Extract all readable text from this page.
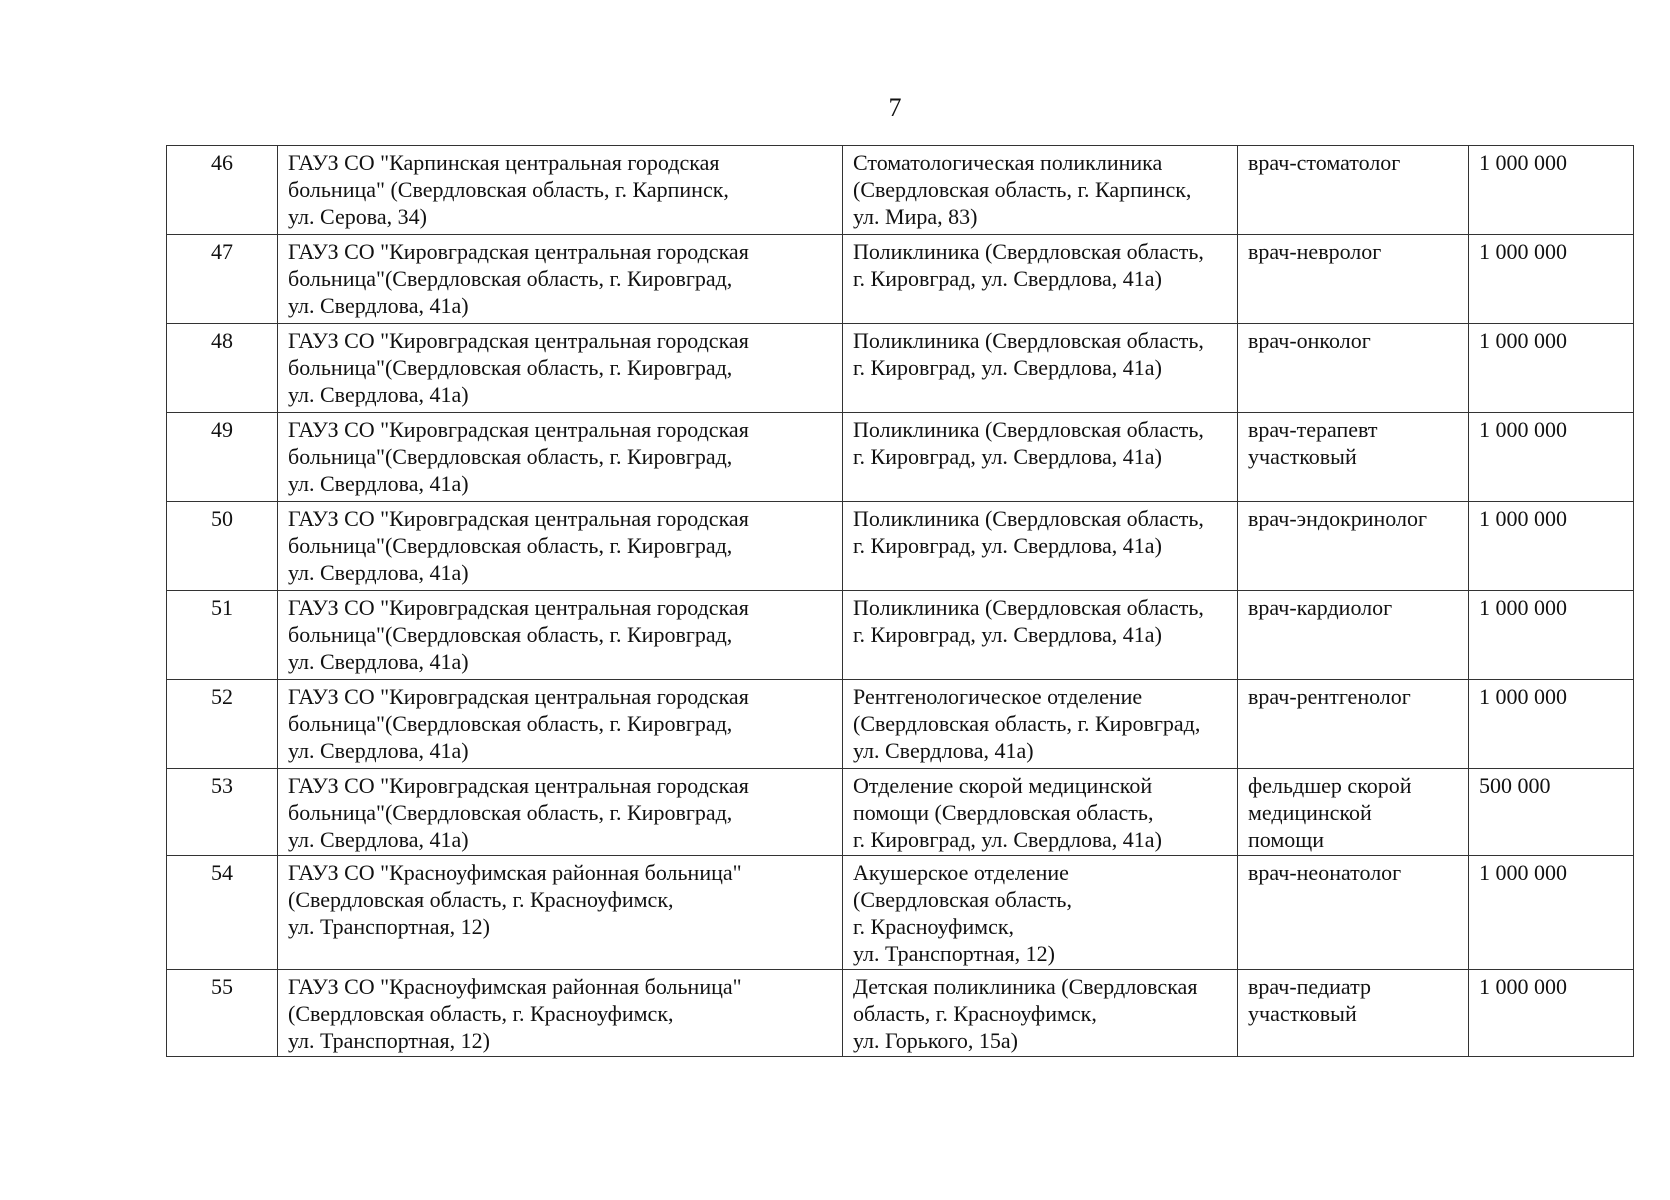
7
46	ГАУЗ СО "Карпинская центральная городская
больница" (Свердловская область, г. Карпинск,
ул. Серова, 34)	Стоматологическая поликлиника
(Свердловская область, г. Карпинск,
ул. Мира, 83)	врач-стоматолог	1 000 000
47	ГАУЗ СО "Кировградская центральная городская
больница"(Свердловская область, г. Кировград,
ул. Свердлова, 41а)	Поликлиника (Свердловская область,
г. Кировград, ул. Свердлова, 41а)	врач-невролог	1 000 000
48	ГАУЗ СО "Кировградская центральная городская
больница"(Свердловская область, г. Кировград,
ул. Свердлова, 41а)	Поликлиника (Свердловская область,
г. Кировград, ул. Свердлова, 41а)	врач-онколог	1 000 000
49	ГАУЗ СО "Кировградская центральная городская
больница"(Свердловская область, г. Кировград,
ул. Свердлова, 41а)	Поликлиника (Свердловская область,
г. Кировград, ул. Свердлова, 41а)	врач-терапевт
участковый	1 000 000
50	ГАУЗ СО "Кировградская центральная городская
больница"(Свердловская область, г. Кировград,
ул. Свердлова, 41а)	Поликлиника (Свердловская область,
г. Кировград, ул. Свердлова, 41а)	врач-эндокринолог	1 000 000
51	ГАУЗ СО "Кировградская центральная городская
больница"(Свердловская область, г. Кировград,
ул. Свердлова, 41а)	Поликлиника (Свердловская область,
г. Кировград, ул. Свердлова, 41а)	врач-кардиолог	1 000 000
52	ГАУЗ СО "Кировградская центральная городская
больница"(Свердловская область, г. Кировград,
ул. Свердлова, 41а)	Рентгенологическое отделение
(Свердловская область, г. Кировград,
ул. Свердлова, 41а)	врач-рентгенолог	1 000 000
53	ГАУЗ СО "Кировградская центральная городская
больница"(Свердловская область, г. Кировград,
ул. Свердлова, 41а)	Отделение скорой медицинской
помощи (Свердловская область,
г. Кировград, ул. Свердлова, 41а)	фельдшер скорой
медицинской
помощи	500 000
54	ГАУЗ СО "Красноуфимская районная больница"
(Свердловская область, г. Красноуфимск,
ул. Транспортная, 12)	Акушерское отделение
(Свердловская область,
г. Красноуфимск,
ул. Транспортная, 12)	врач-неонатолог	1 000 000
55	ГАУЗ СО "Красноуфимская районная больница"
(Свердловская область, г. Красноуфимск,
ул. Транспортная, 12)	Детская поликлиника (Свердловская
область, г. Красноуфимск,
ул. Горького, 15а)	врач-педиатр
участковый	1 000 000
